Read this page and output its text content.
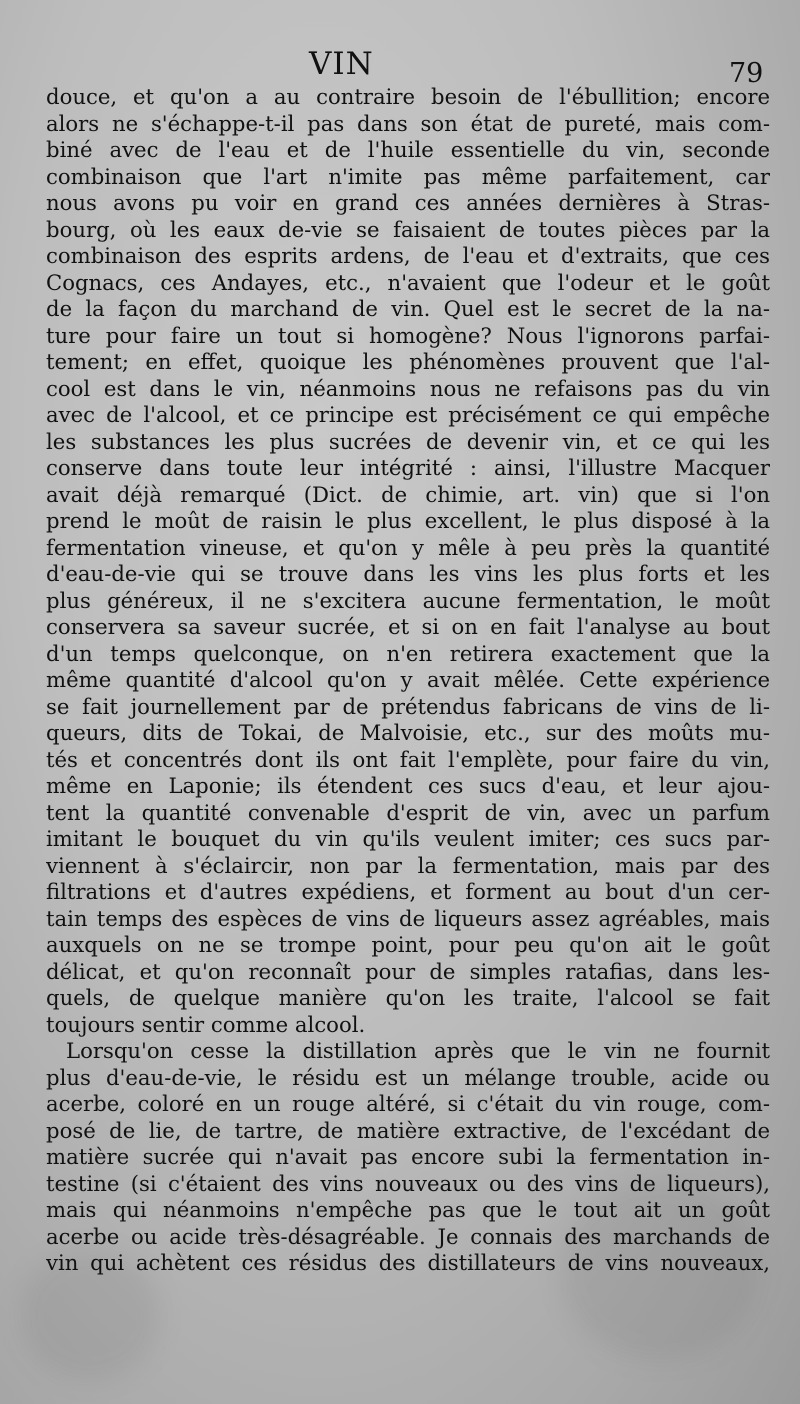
VIN	79
douce, et qu'on a au contraire besoin de l'ébullition; encore
alors ne s'échappe-t-il pas dans son état de pureté, mais com-
biné avec de l'eau et de l'huile essentielle du vin, seconde
combinaison que l'art n'imite pas même parfaitement, car
nous avons pu voir en grand ces années dernières à Stras-
bourg, où les eaux de-vie se faisaient de toutes pièces par la
combinaison des esprits ardens, de l'eau et d'extraits, que ces
Cognacs, ces Andayes, etc., n'avaient que l'odeur et le goût
de la façon du marchand de vin. Quel est le secret de la na-
ture pour faire un tout si homogène? Nous l'ignorons parfai-
tement; en effet, quoique les phénomènes prouvent que l'al-
cool est dans le vin, néanmoins nous ne refaisons pas du vin
avec de l'alcool, et ce principe est précisément ce qui empêche
les substances les plus sucrées de devenir vin, et ce qui les
conserve dans toute leur intégrité : ainsi, l'illustre Macquer
avait déjà remarqué (Dict. de chimie, art. vin) que si l'on
prend le moût de raisin le plus excellent, le plus disposé à la
fermentation vineuse, et qu'on y mêle à peu près la quantité
d'eau-de-vie qui se trouve dans les vins les plus forts et les
plus généreux, il ne s'excitera aucune fermentation, le moût
conservera sa saveur sucrée, et si on en fait l'analyse au bout
d'un temps quelconque, on n'en retirera exactement que la
même quantité d'alcool qu'on y avait mêlée. Cette expérience
se fait journellement par de prétendus fabricans de vins de li-
queurs, dits de Tokai, de Malvoisie, etc., sur des moûts mu-
tés et concentrés dont ils ont fait l'emplète, pour faire du vin,
même en Laponie; ils étendent ces sucs d'eau, et leur ajou-
tent la quantité convenable d'esprit de vin, avec un parfum
imitant le bouquet du vin qu'ils veulent imiter; ces sucs par-
viennent à s'éclaircir, non par la fermentation, mais par des
filtrations et d'autres expédiens, et forment au bout d'un cer-
tain temps des espèces de vins de liqueurs assez agréables, mais
auxquels on ne se trompe point, pour peu qu'on ait le goût
délicat, et qu'on reconnaît pour de simples ratafias, dans les-
quels, de quelque manière qu'on les traite, l'alcool se fait
toujours sentir comme alcool.
Lorsqu'on cesse la distillation après que le vin ne fournit
plus d'eau-de-vie, le résidu est un mélange trouble, acide ou
acerbe, coloré en un rouge altéré, si c'était du vin rouge, com-
posé de lie, de tartre, de matière extractive, de l'excédant de
matière sucrée qui n'avait pas encore subi la fermentation in-
testine (si c'étaient des vins nouveaux ou des vins de liqueurs),
mais qui néanmoins n'empêche pas que le tout ait un goût
acerbe ou acide très-désagréable. Je connais des marchands de
vin qui achètent ces résidus des distillateurs de vins nouveaux,
